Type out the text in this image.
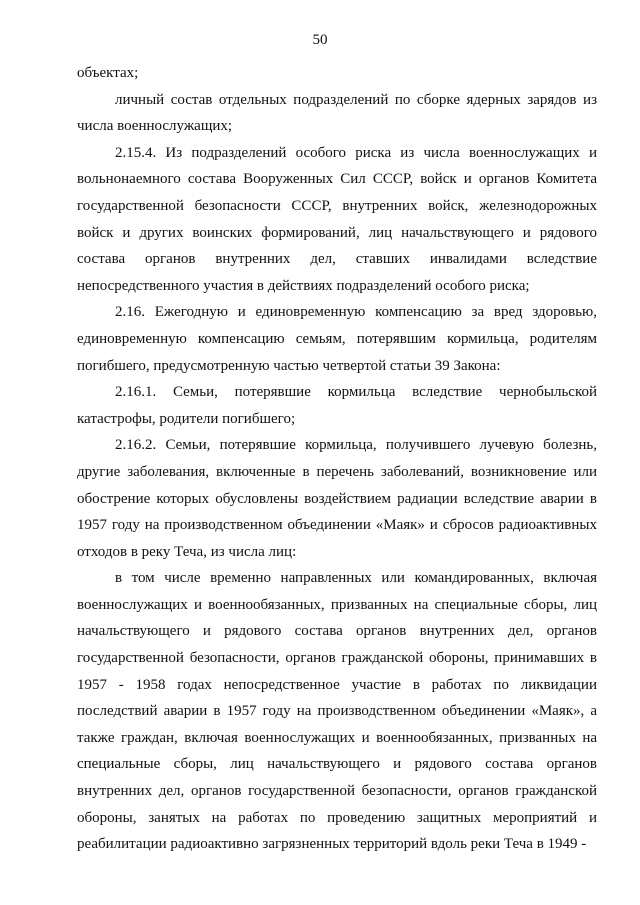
50

объектах;

личный состав отдельных подразделений по сборке ядерных зарядов из числа военнослужащих;

2.15.4. Из подразделений особого риска из числа военнослужащих и вольнонаемного состава Вооруженных Сил СССР, войск и органов Комитета государственной безопасности СССР, внутренних войск, железнодорожных войск и других воинских формирований, лиц начальствующего и рядового состава органов внутренних дел, ставших инвалидами вследствие непосредственного участия в действиях подразделений особого риска;

2.16. Ежегодную и единовременную компенсацию за вред здоровью, единовременную компенсацию семьям, потерявшим кормильца, родителям погибшего, предусмотренную частью четвертой статьи 39 Закона:

2.16.1. Семьи, потерявшие кормильца вследствие чернобыльской катастрофы, родители погибшего;

2.16.2. Семьи, потерявшие кормильца, получившего лучевую болезнь, другие заболевания, включенные в перечень заболеваний, возникновение или обострение которых обусловлены воздействием радиации вследствие аварии в 1957 году на производственном объединении «Маяк» и сбросов радиоактивных отходов в реку Теча, из числа лиц:

в том числе временно направленных или командированных, включая военнослужащих и военнообязанных, призванных на специальные сборы, лиц начальствующего и рядового состава органов внутренних дел, органов государственной безопасности, органов гражданской обороны, принимавших в 1957 - 1958 годах непосредственное участие в работах по ликвидации последствий аварии в 1957 году на производственном объединении «Маяк», а также граждан, включая военнослужащих и военнообязанных, призванных на специальные сборы, лиц начальствующего и рядового состава органов внутренних дел, органов государственной безопасности, органов гражданской обороны, занятых на работах по проведению защитных мероприятий и реабилитации радиоактивно загрязненных территорий вдоль реки Теча в 1949 -
